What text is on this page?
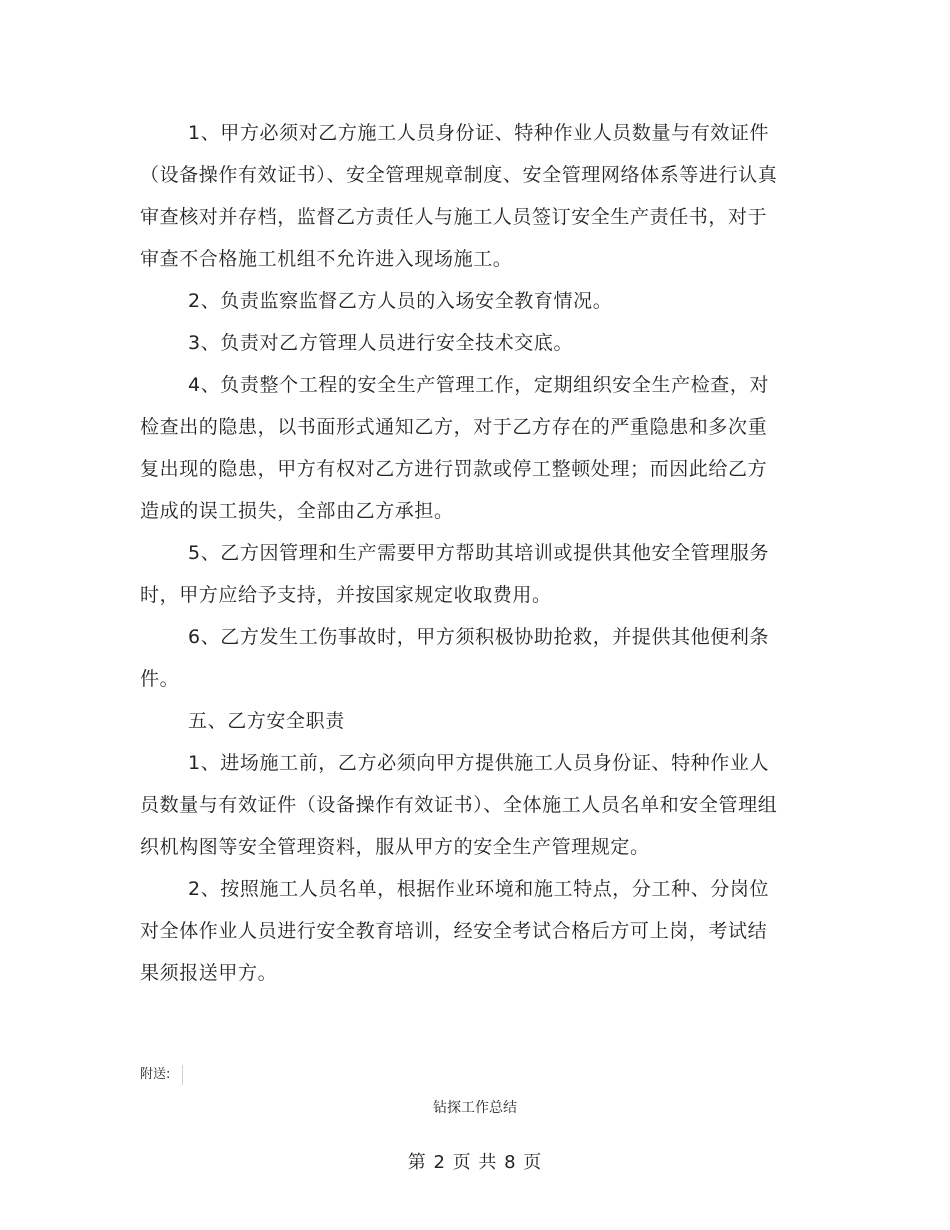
1、甲方必须对乙方施工人员身份证、特种作业人员数量与有效证件（设备操作有效证书）、安全管理规章制度、安全管理网络体系等进行认真审查核对并存档，监督乙方责任人与施工人员签订安全生产责任书，对于审查不合格施工机组不允许进入现场施工。

2、负责监察监督乙方人员的入场安全教育情况。

3、负责对乙方管理人员进行安全技术交底。

4、负责整个工程的安全生产管理工作，定期组织安全生产检查，对检查出的隐患，以书面形式通知乙方，对于乙方存在的严重隐患和多次重复出现的隐患，甲方有权对乙方进行罚款或停工整顿处理；而因此给乙方造成的误工损失，全部由乙方承担。

5、乙方因管理和生产需要甲方帮助其培训或提供其他安全管理服务时，甲方应给予支持，并按国家规定收取费用。

6、乙方发生工伤事故时，甲方须积极协助抢救，并提供其他便利条件。

五、乙方安全职责

1、进场施工前，乙方必须向甲方提供施工人员身份证、特种作业人员数量与有效证件（设备操作有效证书）、全体施工人员名单和安全管理组织机构图等安全管理资料，服从甲方的安全生产管理规定。

2、按照施工人员名单，根据作业环境和施工特点，分工种、分岗位对全体作业人员进行安全教育培训，经安全考试合格后方可上岗，考试结果须报送甲方。

附送:
钻探工作总结
第 2 页 共 8 页
